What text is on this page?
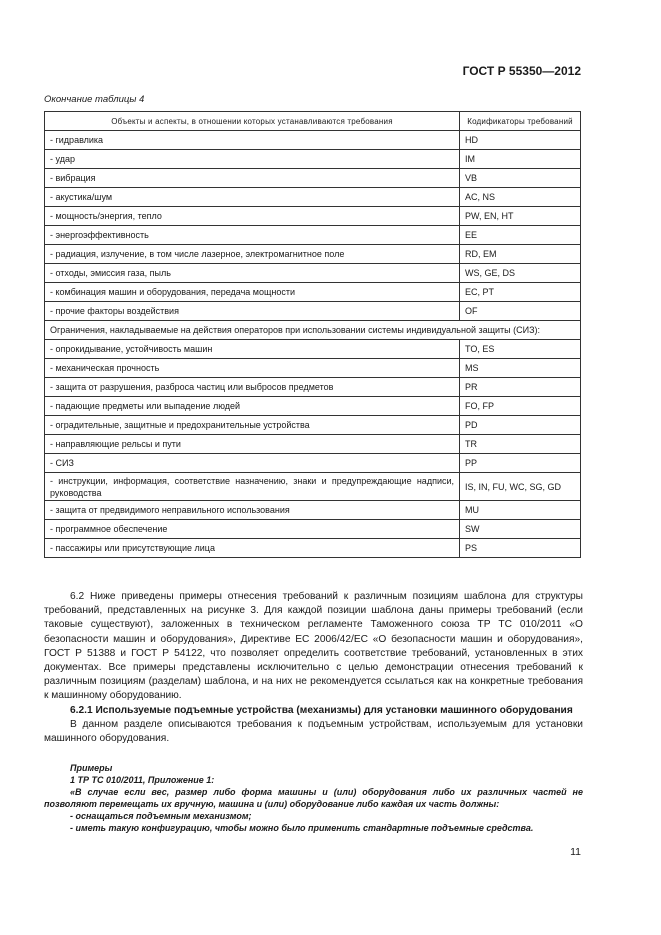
ГОСТ Р 55350—2012
Окончание таблицы 4
Объекты и аспекты, в отношении которых устанавливаются требования	Кодификаторы требований
- гидравлика	HD
- удар	IM
- вибрация	VB
- акустика/шум	AC, NS
- мощность/энергия, тепло	PW, EN, HT
- энергоэффективность	EE
- радиация, излучение, в том числе лазерное, электромагнитное поле	RD, EM
- отходы, эмиссия газа, пыль	WS, GE, DS
- комбинация машин и оборудования, передача мощности	EC, PT
- прочие факторы воздействия	OF
Ограничения, накладываемые на действия операторов при использовании системы индивидуальной защиты (СИЗ):	
- опрокидывание, устойчивость машин	TO, ES
- механическая прочность	MS
- защита от разрушения, разброса частиц или выбросов предметов	PR
- падающие предметы или выпадение людей	FO, FP
- оградительные, защитные и предохранительные устройства	PD
- направляющие рельсы и пути	TR
- СИЗ	PP
- инструкции, информация, соответствие назначению, знаки и предупреждающие надписи, руководства	IS, IN, FU, WC, SG, GD
- защита от предвидимого неправильного использования	MU
- программное обеспечение	SW
- пассажиры или присутствующие лица	PS

6.2 Ниже приведены примеры отнесения требований к различным позициям шаблона для структуры требований, представленных на рисунке 3. Для каждой позиции шаблона даны примеры требований (если таковые существуют), заложенных в техническом регламенте Таможенного союза ТР ТС 010/2011 «О безопасности машин и оборудования», Директиве ЕС 2006/42/ЕС «О безопасности машин и оборудования», ГОСТ Р 51388 и ГОСТ Р 54122, что позволяет определить соответствие требований, установленных в этих документах. Все примеры представлены исключительно с целью демонстрации отнесения требований к различным позициям (разделам) шаблона, и на них не рекомендуется ссылаться как на конкретные требования к машинному оборудованию.

6.2.1 Используемые подъемные устройства (механизмы) для установки машинного оборудования

В данном разделе описываются требования к подъемным устройствам, используемым для установки машинного оборудования.

Примеры

1 ТР ТС 010/2011, Приложение 1:

«В случае если вес, размер либо форма машины и (или) оборудования либо их различных частей не позволяют перемещать их вручную, машина и (или) оборудование либо каждая их часть должны:

- оснащаться подъемным механизмом;

- иметь такую конфигурацию, чтобы можно было применить стандартные подъемные средства.

11
